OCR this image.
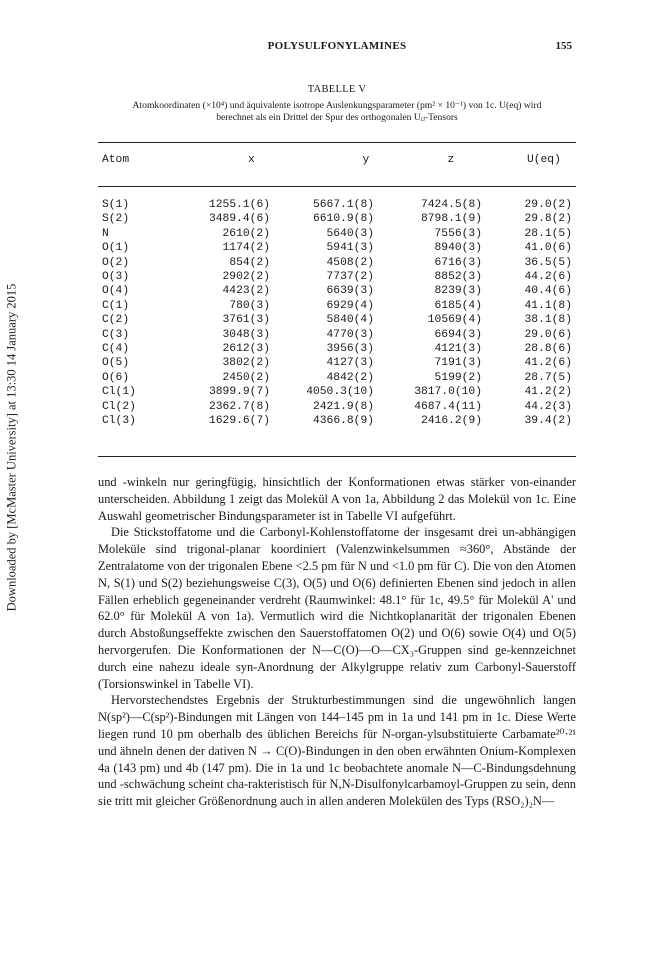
Downloaded by [McMaster University] at 13:30 14 January 2015
POLYSULFONYLAMINES	155
TABELLE V
Atomkoordinaten (×10⁴) und äquivalente isotrope Auslenkungsparameter (pm² × 10⁻¹) von 1c. U(eq) wird
berechnet als ein Drittel der Spur des orthogonalen Uᵢⱼ-Tensors
Atom	x	y	z	U(eq)
S(1)	1255.1(6)	5667.1(8)	7424.5(8)	29.0(2)
S(2)	3489.4(6)	6610.9(8)	8798.1(9)	29.8(2)
N	2610(2)	5640(3)	7556(3)	28.1(5)
O(1)	1174(2)	5941(3)	8940(3)	41.0(6)
O(2)	854(2)	4508(2)	6716(3)	36.5(5)
O(3)	2902(2)	7737(2)	8852(3)	44.2(6)
O(4)	4423(2)	6639(3)	8239(3)	40.4(6)
C(1)	780(3)	6929(4)	6185(4)	41.1(8)
C(2)	3761(3)	5840(4)	10569(4)	38.1(8)
C(3)	3048(3)	4770(3)	6694(3)	29.0(6)
C(4)	2612(3)	3956(3)	4121(3)	28.8(6)
O(5)	3802(2)	4127(3)	7191(3)	41.2(6)
O(6)	2450(2)	4842(2)	5199(2)	28.7(5)
Cl(1)	3899.9(7)	4050.3(10)	3817.0(10)	41.2(2)
Cl(2)	2362.7(8)	2421.9(8)	4687.4(11)	44.2(3)
Cl(3)	1629.6(7)	4366.8(9)	2416.2(9)	39.4(2)

und -winkeln nur geringfügig, hinsichtlich der Konformationen etwas stärker von-einander unterscheiden. Abbildung 1 zeigt das Molekül A von 1a, Abbildung 2 das Molekül von 1c. Eine Auswahl geometrischer Bindungsparameter ist in Tabelle VI aufgeführt.

Die Stickstoffatome und die Carbonyl-Kohlenstoffatome der insgesamt drei un-abhängigen Moleküle sind trigonal-planar koordiniert (Valenzwinkelsummen ≈360°, Abstände der Zentralatome von der trigonalen Ebene <2.5 pm für N und <1.0 pm für C). Die von den Atomen N, S(1) und S(2) beziehungsweise C(3), O(5) und O(6) definierten Ebenen sind jedoch in allen Fällen erheblich gegeneinander verdreht (Raumwinkel: 48.1° für 1c, 49.5° für Molekül A' und 62.0° für Molekül A von 1a). Vermutlich wird die Nichtkoplanarität der trigonalen Ebenen durch Abstoßungseffekte zwischen den Sauerstoffatomen O(2) und O(6) sowie O(4) und O(5) hervorgerufen. Die Konformationen der N—C(O)—O—CX₃-Gruppen sind ge-kennzeichnet durch eine nahezu ideale syn-Anordnung der Alkylgruppe relativ zum Carbonyl-Sauerstoff (Torsionswinkel in Tabelle VI).

Hervorstechendstes Ergebnis der Strukturbestimmungen sind die ungewöhnlich langen N(sp²)—C(sp²)-Bindungen mit Längen von 144–145 pm in 1a und 141 pm in 1c. Diese Werte liegen rund 10 pm oberhalb des üblichen Bereichs für N-organ-ylsubstituierte Carbamate²⁰·²¹ und ähneln denen der dativen N → C(O)-Bindungen in den oben erwähnten Onium-Komplexen 4a (143 pm) und 4b (147 pm). Die in 1a und 1c beobachtete anomale N—C-Bindungsdehnung und -schwächung scheint cha-rakteristisch für N,N-Disulfonylcarbamoyl-Gruppen zu sein, denn sie tritt mit gleicher Größenordnung auch in allen anderen Molekülen des Typs (RSO₂)₂N—
